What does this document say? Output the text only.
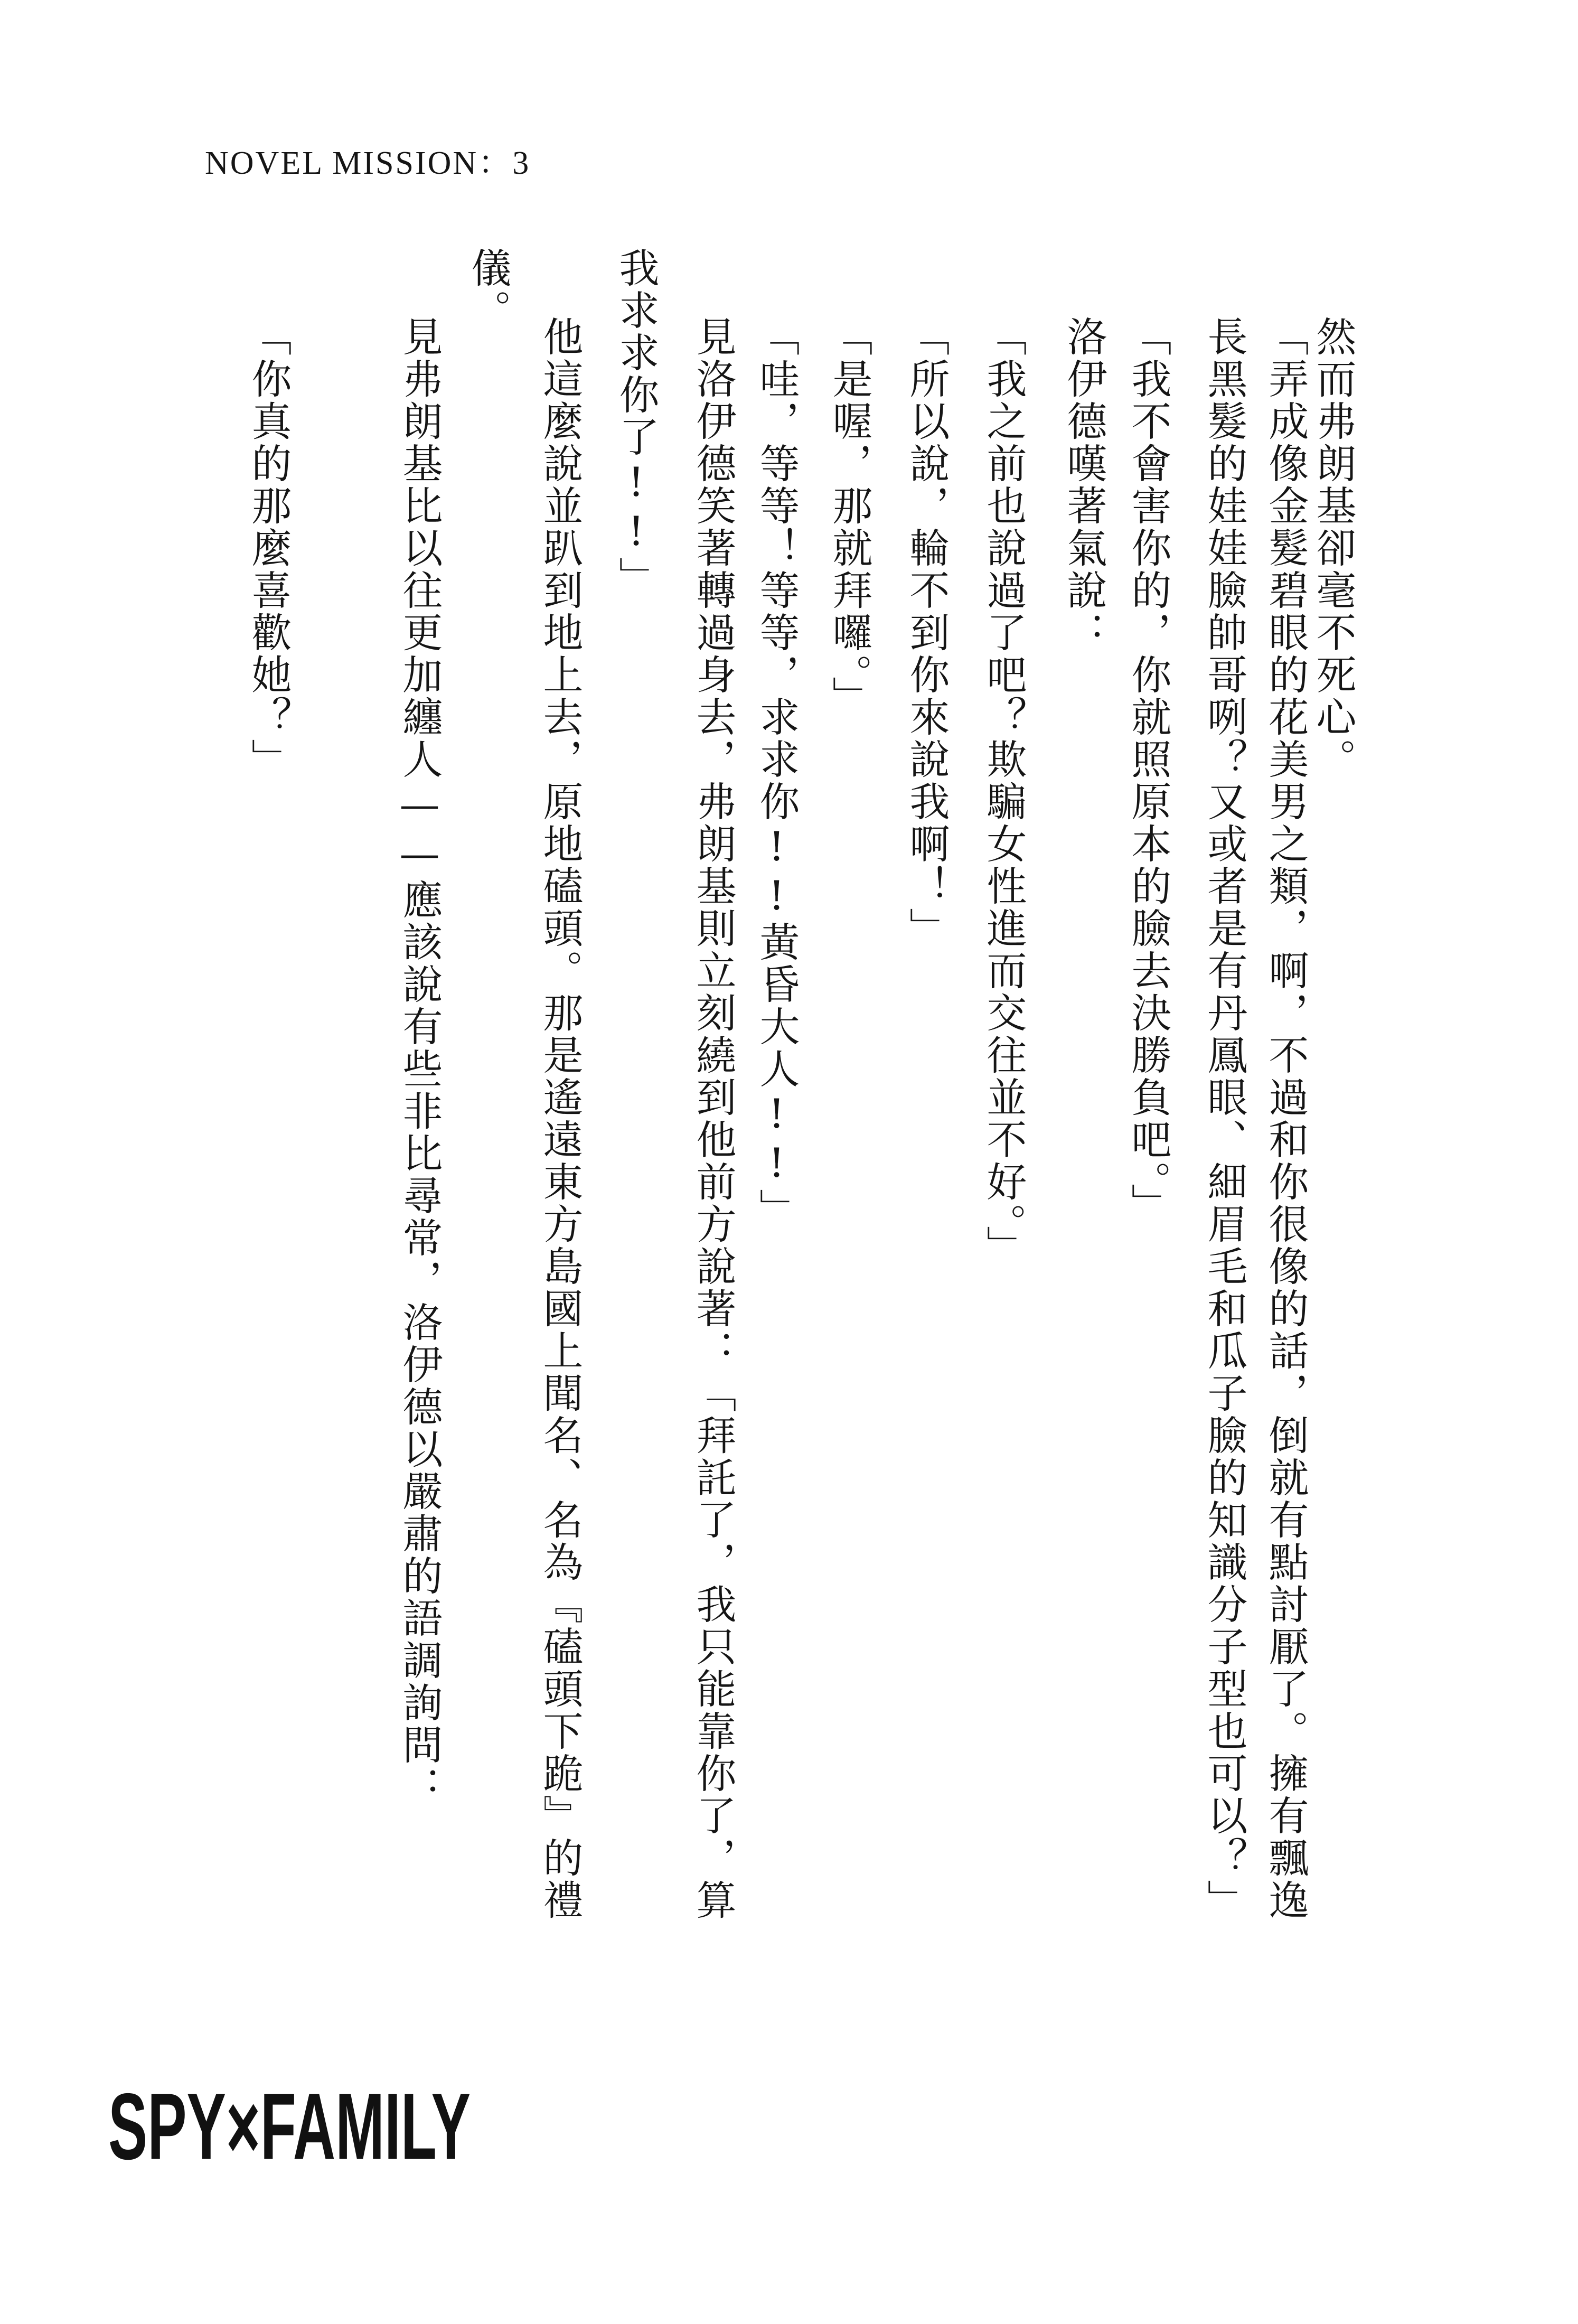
NOVEL MISSION：3
然而弗朗基卻毫不死心。
「弄成像金髮碧眼的花美男之類，啊，不過和你很像的話，倒就有點討厭了。擁有飄逸
長黑髮的娃娃臉帥哥咧？又或者是有丹鳳眼、細眉毛和瓜子臉的知識分子型也可以？」
「我不會害你的，你就照原本的臉去決勝負吧。」
洛伊德嘆著氣說：
「我之前也說過了吧？欺騙女性進而交往並不好。」
「所以說，輪不到你來說我啊！」
「是喔，那就拜囉。」
「哇，等等！等等，求求你!!黃昏大人!!」
見洛伊德笑著轉過身去，弗朗基則立刻繞到他前方說著：「拜託了，我只能靠你了，算
我求求你了!!」
他這麼說並趴到地上去，原地磕頭。那是遙遠東方島國上聞名、名為『磕頭下跪』的禮
儀。
見弗朗基比以往更加纏人——應該說有些非比尋常，洛伊德以嚴肅的語調詢問：
「你真的那麼喜歡她？」
SPY×FAMILY
